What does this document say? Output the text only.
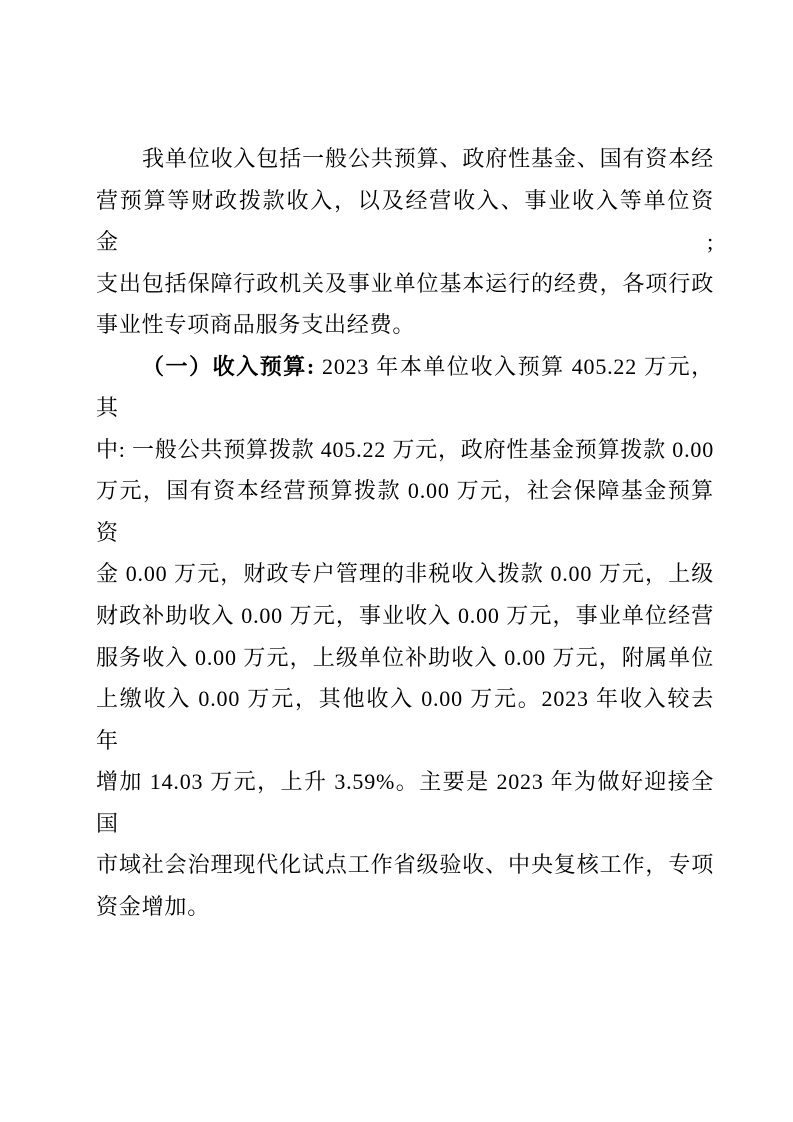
我单位收入包括一般公共预算、政府性基金、国有资本经
营预算等财政拨款收入，以及经营收入、事业收入等单位资金;
支出包括保障行政机关及事业单位基本运行的经费，各项行政
事业性专项商品服务支出经费。
（一）收入预算: 2023 年本单位收入预算 405.22 万元，其
中: 一般公共预算拨款 405.22 万元，政府性基金预算拨款 0.00
万元，国有资本经营预算拨款 0.00 万元，社会保障基金预算资
金 0.00 万元，财政专户管理的非税收入拨款 0.00 万元，上级
财政补助收入 0.00 万元，事业收入 0.00 万元，事业单位经营
服务收入 0.00 万元，上级单位补助收入 0.00 万元，附属单位
上缴收入 0.00 万元，其他收入 0.00 万元。2023 年收入较去年
增加 14.03 万元，上升 3.59%。主要是 2023 年为做好迎接全国
市域社会治理现代化试点工作省级验收、中央复核工作，专项
资金增加。
